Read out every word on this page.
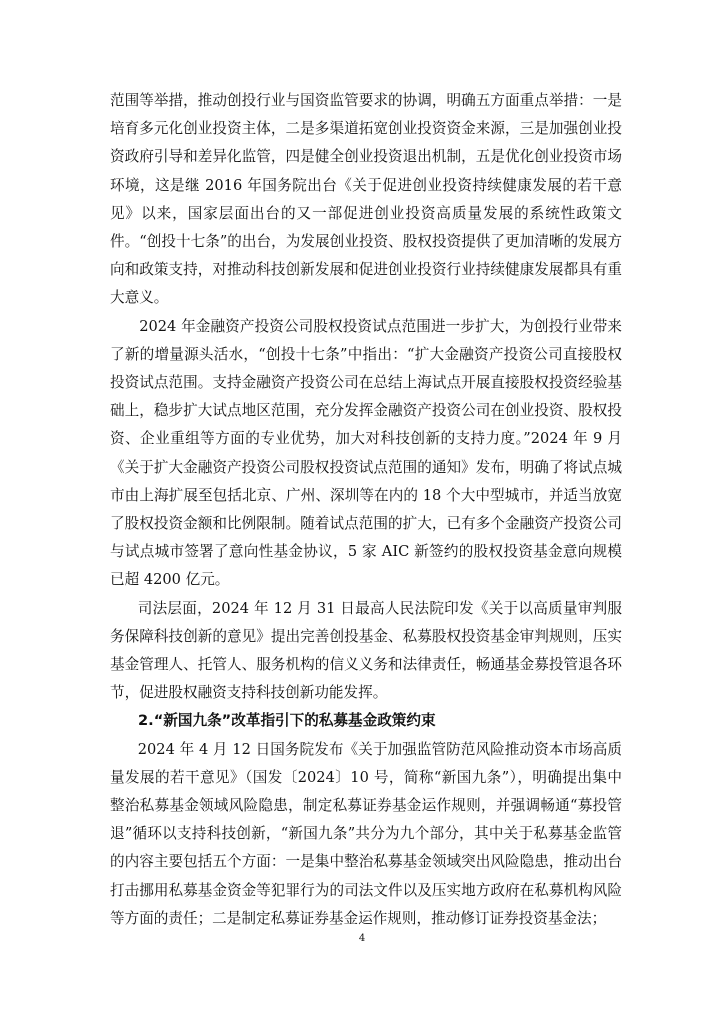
范围等举措，推动创投行业与国资监管要求的协调，明确五方面重点举措：一是培育多元化创业投资主体，二是多渠道拓宽创业投资资金来源，三是加强创业投资政府引导和差异化监管，四是健全创业投资退出机制，五是优化创业投资市场环境，这是继 2016 年国务院出台《关于促进创业投资持续健康发展的若干意见》以来，国家层面出台的又一部促进创业投资高质量发展的系统性政策文件。“创投十七条”的出台，为发展创业投资、股权投资提供了更加清晰的发展方向和政策支持，对推动科技创新发展和促进创业投资行业持续健康发展都具有重大意义。

2024 年金融资产投资公司股权投资试点范围进一步扩大，为创投行业带来了新的增量源头活水，“创投十七条”中指出：“扩大金融资产投资公司直接股权投资试点范围。支持金融资产投资公司在总结上海试点开展直接股权投资经验基础上，稳步扩大试点地区范围，充分发挥金融资产投资公司在创业投资、股权投资、企业重组等方面的专业优势，加大对科技创新的支持力度。”2024 年 9 月《关于扩大金融资产投资公司股权投资试点范围的通知》发布，明确了将试点城市由上海扩展至包括北京、广州、深圳等在内的 18 个大中型城市，并适当放宽了股权投资金额和比例限制。随着试点范围的扩大，已有多个金融资产投资公司与试点城市签署了意向性基金协议，5 家 AIC 新签约的股权投资基金意向规模已超 4200 亿元。

司法层面，2024 年 12 月 31 日最高人民法院印发《关于以高质量审判服务保障科技创新的意见》提出完善创投基金、私募股权投资基金审判规则，压实基金管理人、托管人、服务机构的信义义务和法律责任，畅通基金募投管退各环节，促进股权融资支持科技创新功能发挥。

2.“新国九条”改革指引下的私募基金政策约束

2024 年 4 月 12 日国务院发布《关于加强监管防范风险推动资本市场高质量发展的若干意见》（国发〔2024〕10 号，简称“新国九条”），明确提出集中整治私募基金领域风险隐患，制定私募证券基金运作规则，并强调畅通“募投管退”循环以支持科技创新，“新国九条”共分为九个部分，其中关于私募基金监管的内容主要包括五个方面：一是集中整治私募基金领域突出风险隐患，推动出台打击挪用私募基金资金等犯罪行为的司法文件以及压实地方政府在私募机构风险等方面的责任；二是制定私募证券基金运作规则，推动修订证券投资基金法；

4
